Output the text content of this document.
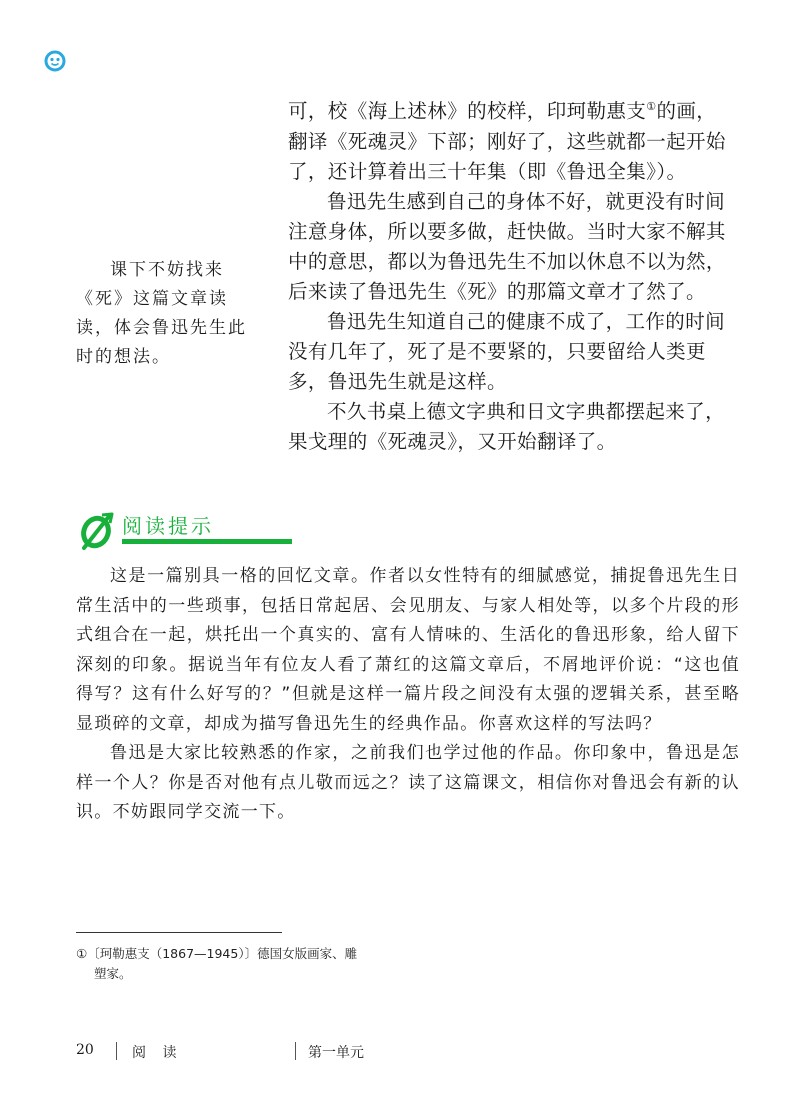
可，校《海上述林》的校样，印珂勒惠支①的画，翻译《死魂灵》下部；刚好了，这些就都一起开始了，还计算着出三十年集（即《鲁迅全集》）。

鲁迅先生感到自己的身体不好，就更没有时间注意身体，所以要多做，赶快做。当时大家不解其中的意思，都以为鲁迅先生不加以休息不以为然，后来读了鲁迅先生《死》的那篇文章才了然了。

鲁迅先生知道自己的健康不成了，工作的时间没有几年了，死了是不要紧的，只要留给人类更多，鲁迅先生就是这样。

不久书桌上德文字典和日文字典都摆起来了，果戈理的《死魂灵》，又开始翻译了。

课下不妨找来《死》这篇文章读读，体会鲁迅先生此时的想法。

阅读提示

这是一篇别具一格的回忆文章。作者以女性特有的细腻感觉，捕捉鲁迅先生日常生活中的一些琐事，包括日常起居、会见朋友、与家人相处等，以多个片段的形式组合在一起，烘托出一个真实的、富有人情味的、生活化的鲁迅形象，给人留下深刻的印象。据说当年有位友人看了萧红的这篇文章后，不屑地评价说：“这也值得写？这有什么好写的？”但就是这样一篇片段之间没有太强的逻辑关系，甚至略显琐碎的文章，却成为描写鲁迅先生的经典作品。你喜欢这样的写法吗？

鲁迅是大家比较熟悉的作家，之前我们也学过他的作品。你印象中，鲁迅是怎样一个人？你是否对他有点儿敬而远之？读了这篇课文，相信你对鲁迅会有新的认识。不妨跟同学交流一下。

①〔珂勒惠支（1867—1945）〕德国女版画家、雕
塑家。
20	阅 读	第一单元
